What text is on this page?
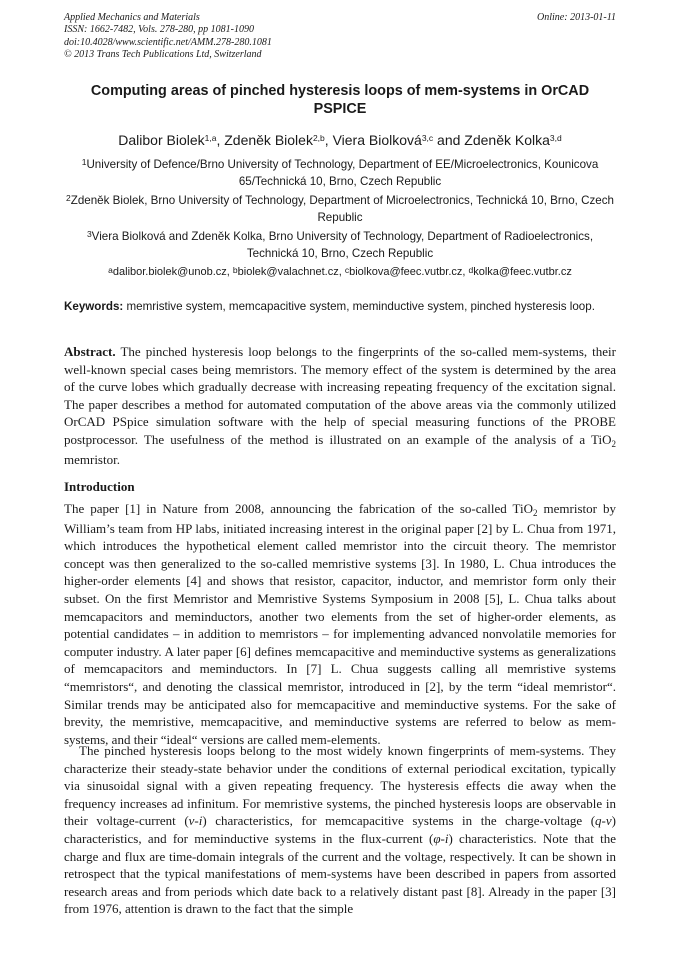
Applied Mechanics and Materials
ISSN: 1662-7482, Vols. 278-280, pp 1081-1090
doi:10.4028/www.scientific.net/AMM.278-280.1081
© 2013 Trans Tech Publications Ltd, Switzerland
Online: 2013-01-11
Computing areas of pinched hysteresis loops of mem-systems in OrCAD PSPICE
Dalibor Biolek$^{1,a}$, Zdeněk Biolek$^{2,b}$, Viera Biolková$^{3,c}$ and Zdeněk Kolka$^{3,d}$
$^1$University of Defence/Brno University of Technology, Department of EE/Microelectronics, Kounicova 65/Technická 10, Brno, Czech Republic
$^2$Zdeněk Biolek, Brno University of Technology, Department of Microelectronics, Technická 10, Brno, Czech Republic
$^3$Viera Biolková and Zdeněk Kolka, Brno University of Technology, Department of Radioelectronics, Technická 10, Brno, Czech Republic
$^a$dalibor.biolek@unob.cz, $^b$biolek@valachnet.cz, $^c$biolkova@feec.vutbr.cz, $^d$kolka@feec.vutbr.cz
Keywords: memristive system, memcapacitive system, meminductive system, pinched hysteresis loop.
Abstract. The pinched hysteresis loop belongs to the fingerprints of the so-called mem-systems, their well-known special cases being memristors. The memory effect of the system is determined by the area of the curve lobes which gradually decrease with increasing repeating frequency of the excitation signal. The paper describes a method for automated computation of the above areas via the commonly utilized OrCAD PSpice simulation software with the help of special measuring functions of the PROBE postprocessor. The usefulness of the method is illustrated on an example of the analysis of a TiO$_2$ memristor.
Introduction
The paper [1] in Nature from 2008, announcing the fabrication of the so-called TiO$_2$ memristor by William’s team from HP labs, initiated increasing interest in the original paper [2] by L. Chua from 1971, which introduces the hypothetical element called memristor into the circuit theory. The memristor concept was then generalized to the so-called memristive systems [3]. In 1980, L. Chua introduces the higher-order elements [4] and shows that resistor, capacitor, inductor, and memristor form only their subset. On the first Memristor and Memristive Systems Symposium in 2008 [5], L. Chua talks about memcapacitors and meminductors, another two elements from the set of higher-order elements, as potential candidates – in addition to memristors – for implementing advanced nonvolatile memories for computer industry. A later paper [6] defines memcapacitive and meminductive systems as generalizations of memcapacitors and meminductors. In [7] L. Chua suggests calling all memristive systems “memristors“, and denoting the classical memristor, introduced in [2], by the term “ideal memristor“. Similar trends may be anticipated also for memcapacitive and meminductive systems. For the sake of brevity, the memristive, memcapacitive, and meminductive systems are referred to below as mem-systems, and their “ideal“ versions are called mem-elements.
The pinched hysteresis loops belong to the most widely known fingerprints of mem-systems. They characterize their steady-state behavior under the conditions of external periodical excitation, typically via sinusoidal signal with a given repeating frequency. The hysteresis effects die away when the frequency increases ad infinitum. For memristive systems, the pinched hysteresis loops are observable in their voltage-current (v-i) characteristics, for memcapacitive systems in the charge-voltage (q-v) characteristics, and for meminductive systems in the flux-current (φ-i) characteristics. Note that the charge and flux are time-domain integrals of the current and the voltage, respectively. It can be shown in retrospect that the typical manifestations of mem-systems have been described in papers from assorted research areas and from periods which date back to a relatively distant past [8]. Already in the paper [3] from 1976, attention is drawn to the fact that the simple
